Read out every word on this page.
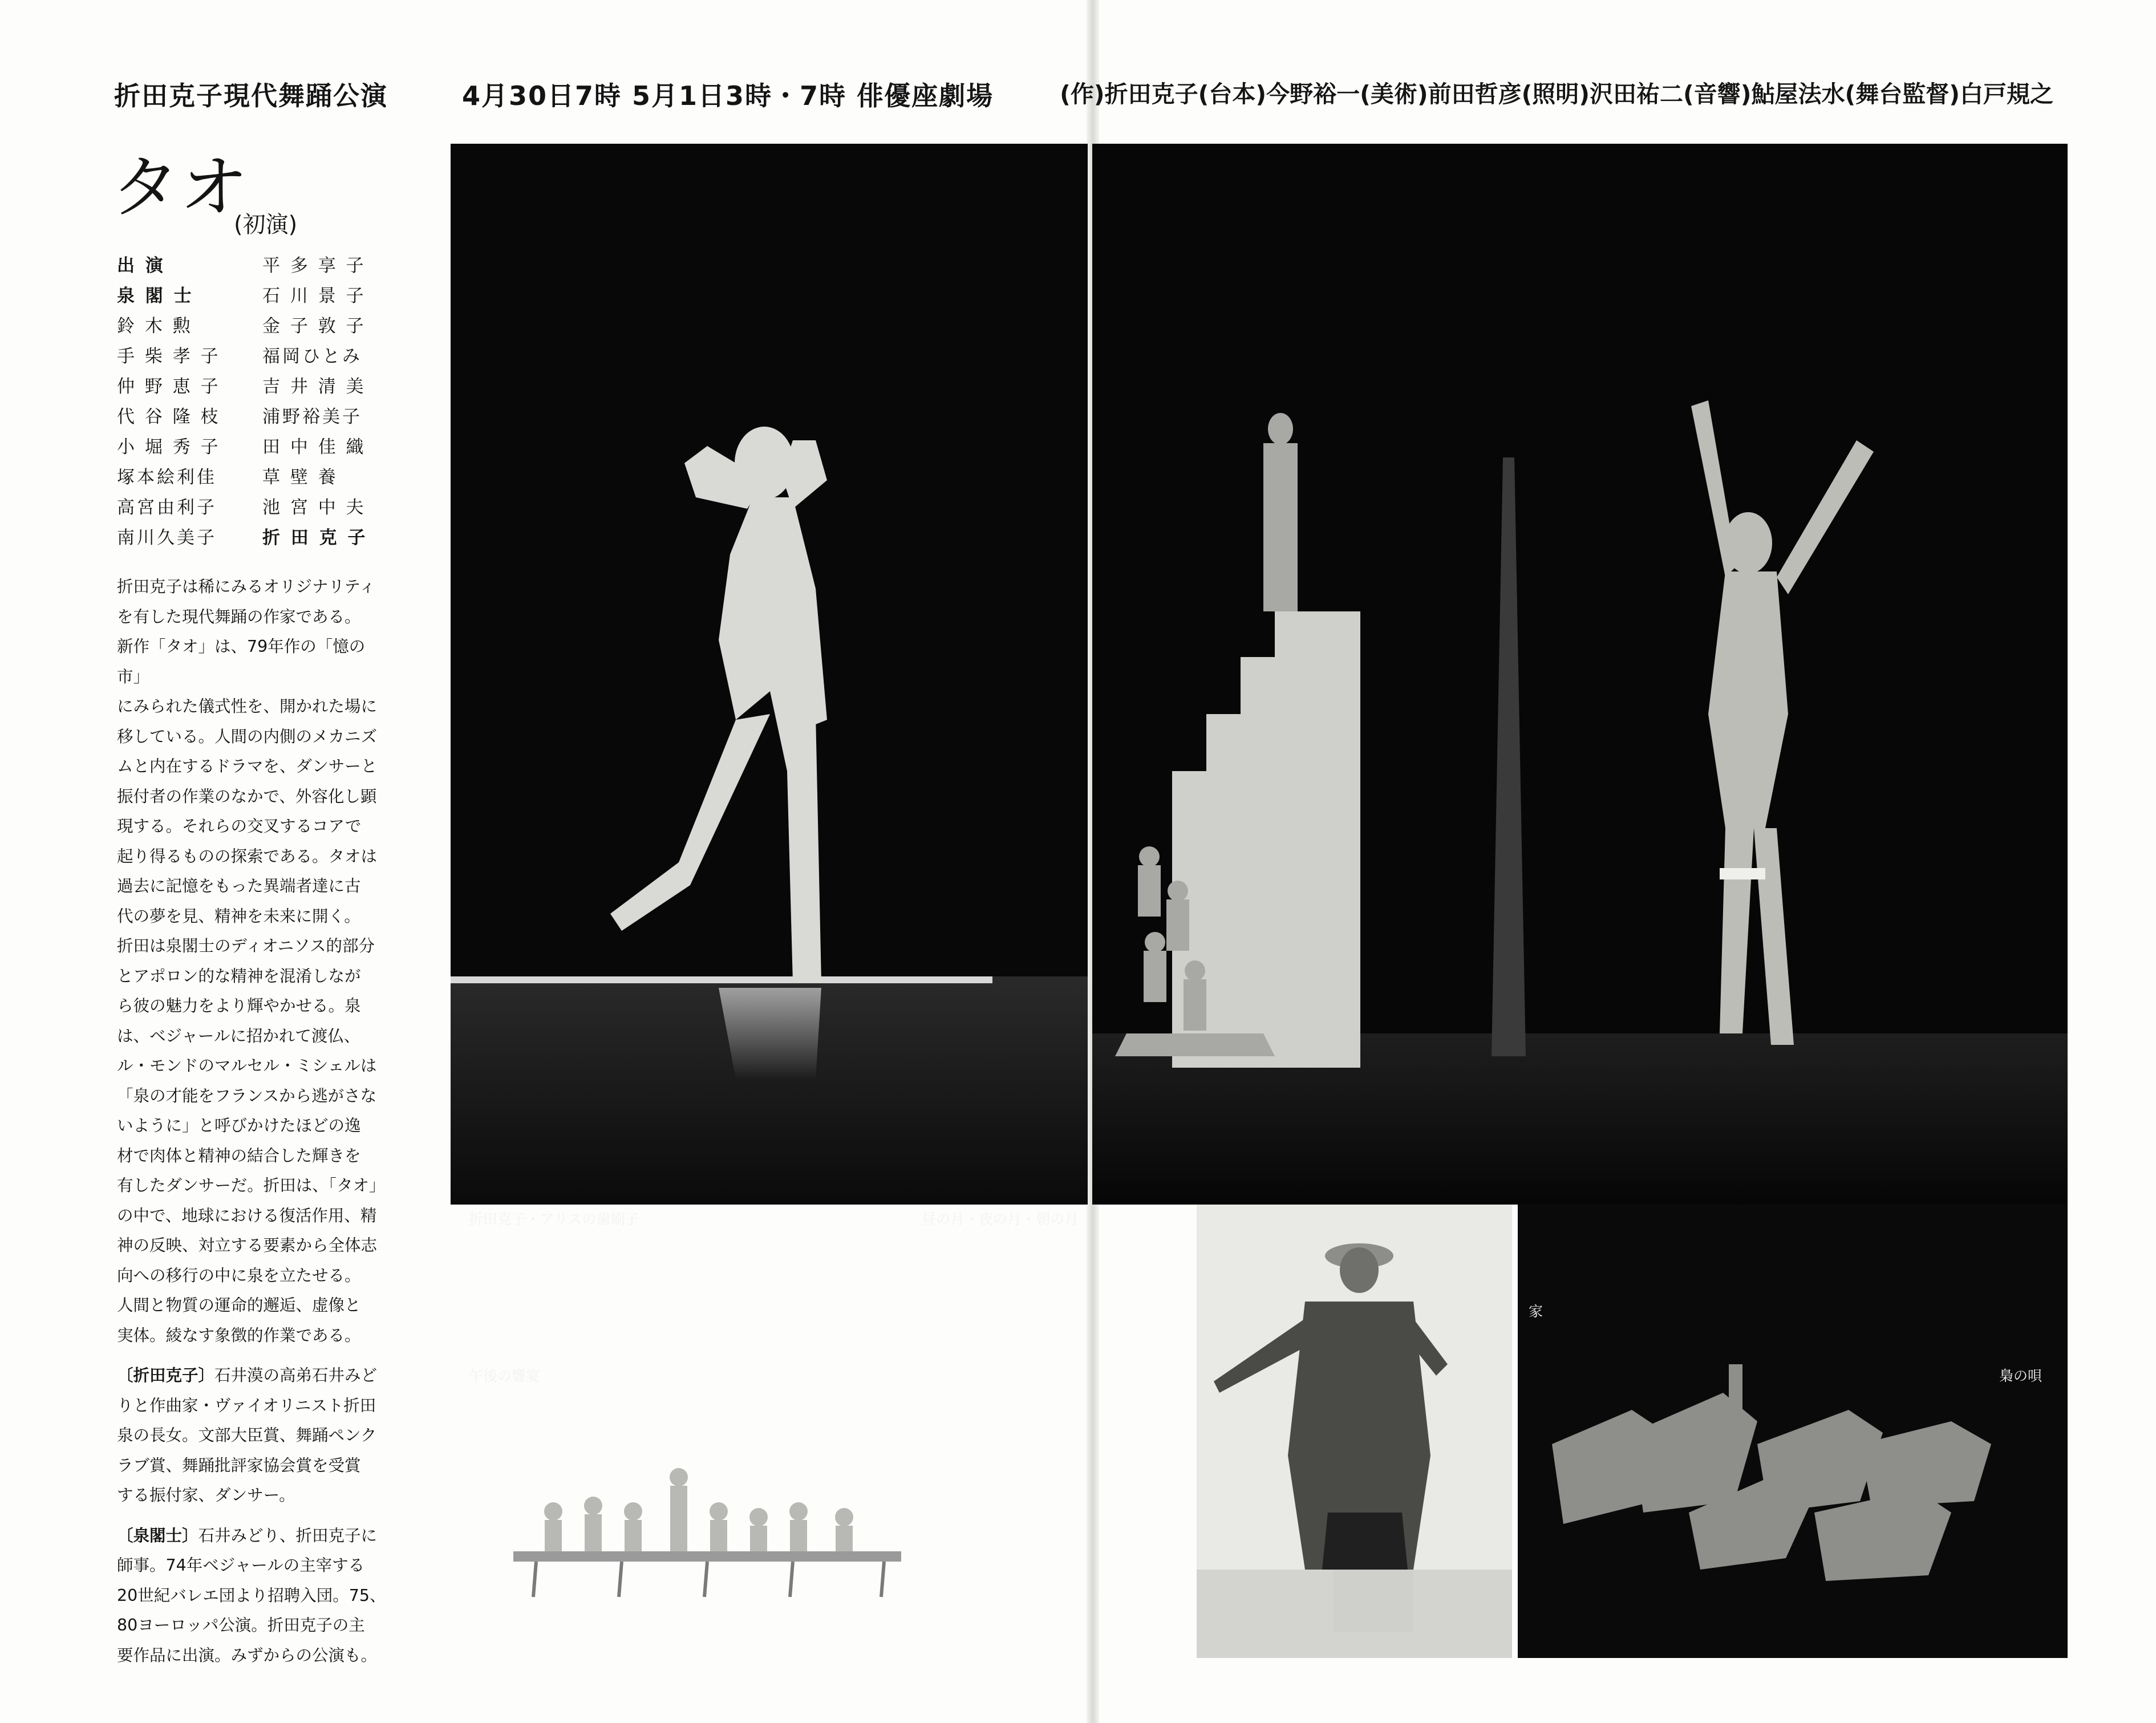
折田克子現代舞踊公演	4月30日7時 5月1日3時・7時 俳優座劇場	(作)折田克子(台本)今野裕一(美術)前田哲彦(照明)沢田祐二(音響)鮎屋法水(舞台監督)白戸規之
タオ
(初演)
出 演	平 多 享 子
泉 閣 士	石 川 景 子
鈴 木 勲	金 子 敦 子
手 柴 孝 子	福岡ひとみ
仲 野 恵 子	吉 井 清 美
代 谷 隆 枝	浦野裕美子
小 堀 秀 子	田 中 佳 織
塚本絵利佳	草 壁 養
高宮由利子	池 宮 中 夫
南川久美子	折 田 克 子

折田克子は稀にみるオリジナリティ
を有した現代舞踊の作家である。
新作「タオ」は、79年作の「憶の市」
にみられた儀式性を、開かれた場に
移している。人間の内側のメカニズ
ムと内在するドラマを、ダンサーと
振付者の作業のなかで、外容化し顕
現する。それらの交叉するコアで
起り得るものの探索である。タオは
過去に記憶をもった異端者達に古
代の夢を見、精神を未来に開く。
折田は泉閣士のディオニソス的部分
とアポロン的な精神を混淆しなが
ら彼の魅力をより輝やかせる。泉
は、ベジャールに招かれて渡仏、
ル・モンドのマルセル・ミシェルは
「泉の才能をフランスから逃がさな
いように」と呼びかけたほどの逸
材で肉体と精神の結合した輝きを
有したダンサーだ。折田は、「タオ」
の中で、地球における復活作用、精
神の反映、対立する要素から全体志
向への移行の中に泉を立たせる。
人間と物質の運命的邂逅、虚像と
実体。綾なす象徴的作業である。

〔折田克子〕石井漠の高弟石井みど
りと作曲家・ヴァイオリニスト折田
泉の長女。文部大臣賞、舞踊ペンク
ラブ賞、舞踊批評家協会賞を受賞
する振付家、ダンサー。

〔泉閣士〕石井みどり、折田克子に
師事。74年ベジャールの主宰する
20世紀バレエ団より招聘入団。75、
80ヨーロッパ公演。折田克子の主
要作品に出演。みずからの公演も。

折田克子・アリスの歯刷子	昼の月・夜の月・朝の月
午後の響宴
家
梟の唄
